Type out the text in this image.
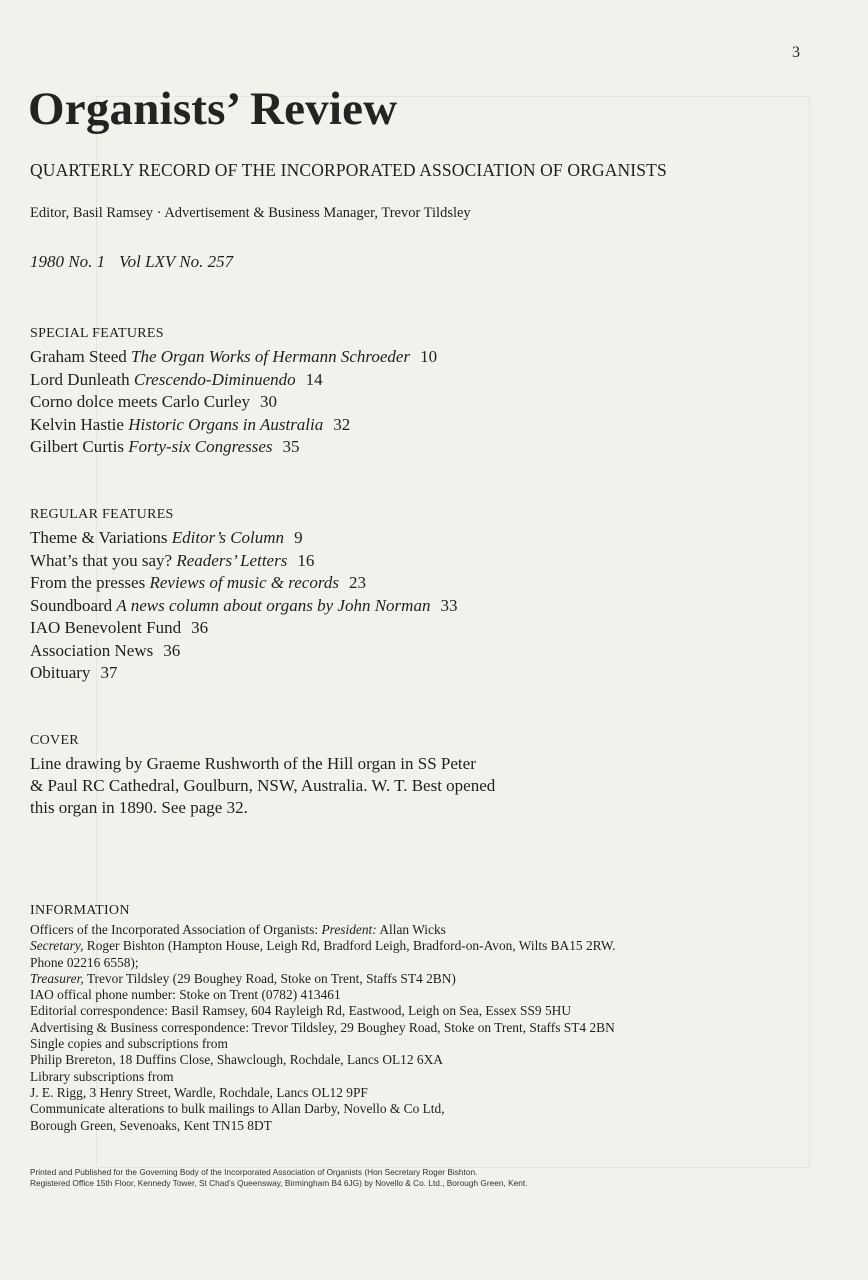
3
Organists’ Review
QUARTERLY RECORD OF THE INCORPORATED ASSOCIATION OF ORGANISTS
Editor, Basil Ramsey · Advertisement & Business Manager, Trevor Tildsley
1980 No. 1 Vol LXV No. 257
SPECIAL FEATURES
Graham Steed The Organ Works of Hermann Schroeder 10
Lord Dunleath Crescendo-Diminuendo 14
Corno dolce meets Carlo Curley 30
Kelvin Hastie Historic Organs in Australia 32
Gilbert Curtis Forty-six Congresses 35
REGULAR FEATURES
Theme & Variations Editor’s Column 9
What’s that you say? Readers’ Letters 16
From the presses Reviews of music & records 23
Soundboard A news column about organs by John Norman 33
IAO Benevolent Fund 36
Association News 36
Obituary 37
COVER
Line drawing by Graeme Rushworth of the Hill organ in SS Peter
& Paul RC Cathedral, Goulburn, NSW, Australia. W. T. Best opened
this organ in 1890. See page 32.
INFORMATION
Officers of the Incorporated Association of Organists: President: Allan Wicks
Secretary, Roger Bishton (Hampton House, Leigh Rd, Bradford Leigh, Bradford-on-Avon, Wilts BA15 2RW.
Phone 02216 6558);
Treasurer, Trevor Tildsley (29 Boughey Road, Stoke on Trent, Staffs ST4 2BN)
IAO offical phone number: Stoke on Trent (0782) 413461
Editorial correspondence: Basil Ramsey, 604 Rayleigh Rd, Eastwood, Leigh on Sea, Essex SS9 5HU
Advertising & Business correspondence: Trevor Tildsley, 29 Boughey Road, Stoke on Trent, Staffs ST4 2BN
Single copies and subscriptions from
Philip Brereton, 18 Duffins Close, Shawclough, Rochdale, Lancs OL12 6XA
Library subscriptions from
J. E. Rigg, 3 Henry Street, Wardle, Rochdale, Lancs OL12 9PF
Communicate alterations to bulk mailings to Allan Darby, Novello & Co Ltd,
Borough Green, Sevenoaks, Kent TN15 8DT
Printed and Published for the Governing Body of the Incorporated Association of Organists (Hon Secretary Roger Bishton.
Registered Office 15th Floor, Kennedy Tower, St Chad’s Queensway, Birmingham B4 6JG) by Novello & Co. Ltd., Borough Green, Kent.
